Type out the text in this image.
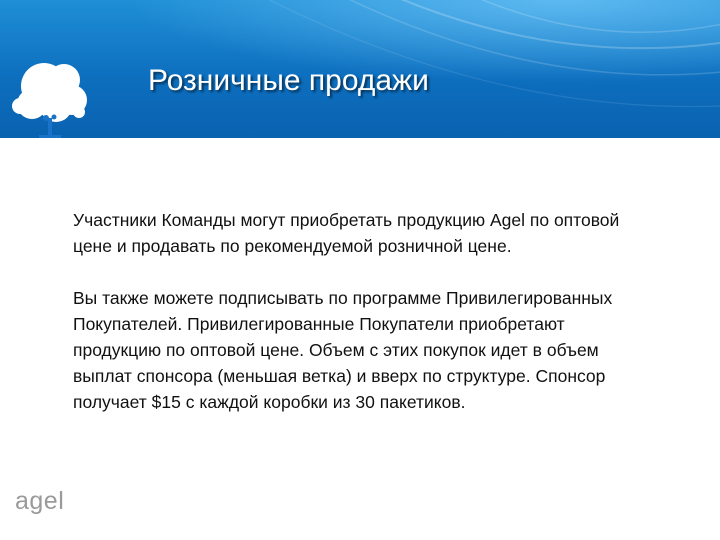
Розничные продажи

Участники Команды могут приобретать продукцию Agel по оптовой цене и продавать по рекомендуемой розничной цене.

Вы также можете подписывать по программе Привилегированных Покупателей. Привилегированные Покупатели приобретают продукцию по оптовой цене. Объем с этих покупок идет в объем выплат спонсора (меньшая ветка) и вверх по структуре. Спонсор получает $15 с каждой коробки из 30 пакетиков.

agel
